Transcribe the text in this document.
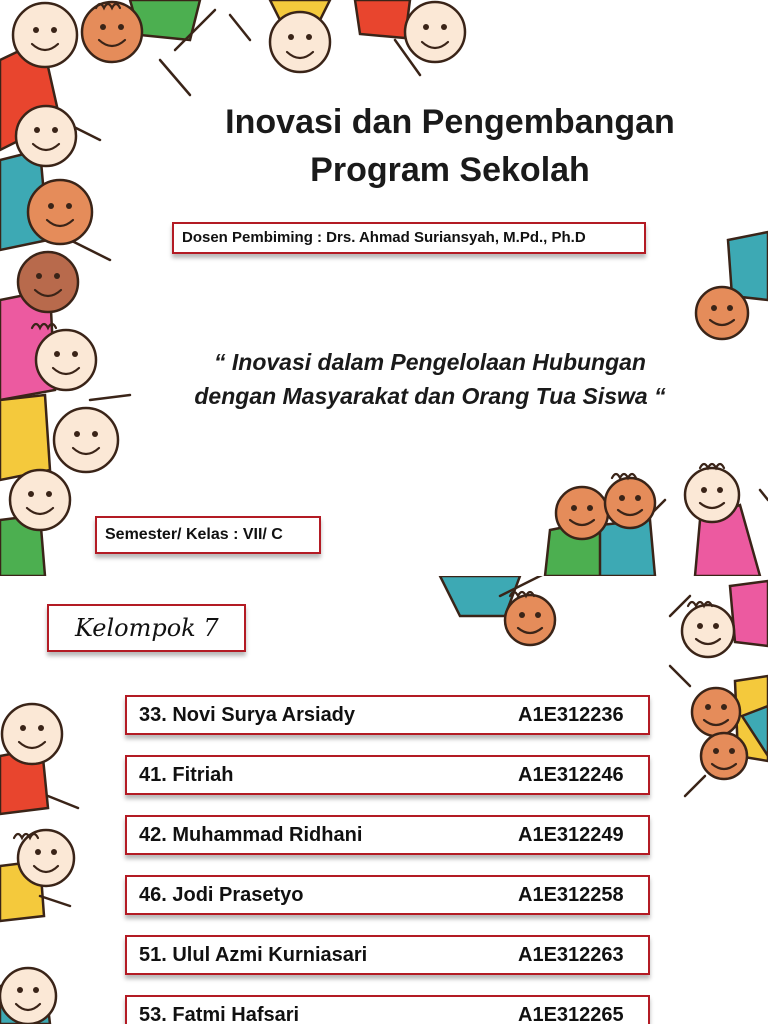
Inovasi dan Pengembangan
Program Sekolah
Dosen Pembiming : Drs. Ahmad Suriansyah, M.Pd., Ph.D
“ Inovasi dalam Pengelolaan Hubungan
dengan Masyarakat dan Orang Tua Siswa “
Semester/ Kelas : VII/ C
Kelompok 7
33. Novi Surya Arsiady	A1E312236
41. Fitriah	A1E312246
42. Muhammad Ridhani	A1E312249
46. Jodi Prasetyo	A1E312258
51. Ulul Azmi Kurniasari	A1E312263
53. Fatmi Hafsari	A1E312265
